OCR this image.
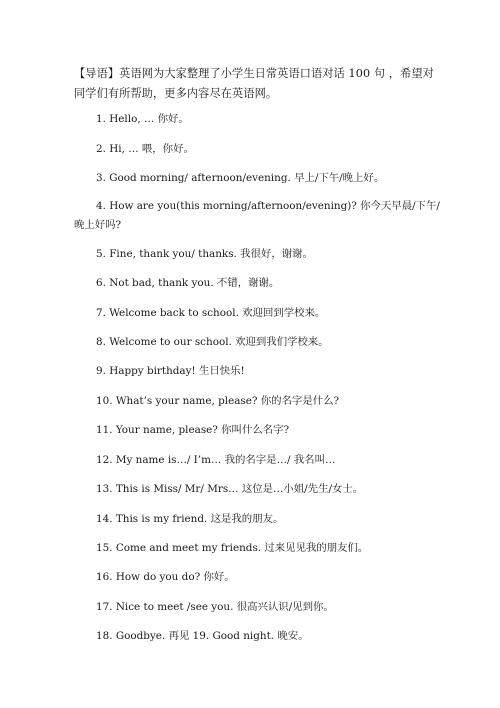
【导语】英语网为大家整理了小学生日常英语口语对话 100 句 ，希望对同学们有所帮助，更多内容尽在英语网。
1. Hello, … 你好。
2. Hi, … 喂，你好。
3. Good morning/ afternoon/evening. 早上/下午/晚上好。
4. How are you(this morning/afternoon/evening)? 你今天早晨/下午/晚上好吗?
5. Fine, thank you/ thanks. 我很好，谢谢。
6. Not bad, thank you. 不错，谢谢。
7. Welcome back to school. 欢迎回到学校来。
8. Welcome to our school. 欢迎到我们学校来。
9. Happy birthday! 生日快乐!
10. What’s your name, please? 你的名字是什么?
11. Your name, please? 你叫什么名字?
12. My name is…/ I’m… 我的名字是…/ 我名叫…
13. This is Miss/ Mr/ Mrs… 这位是…小姐/先生/女士。
14. This is my friend. 这是我的朋友。
15. Come and meet my friends. 过来见见我的朋友们。
16. How do you do? 你好。
17. Nice to meet /see you. 很高兴认识/见到你。
18. Goodbye. 再见 19. Good night. 晚安。
